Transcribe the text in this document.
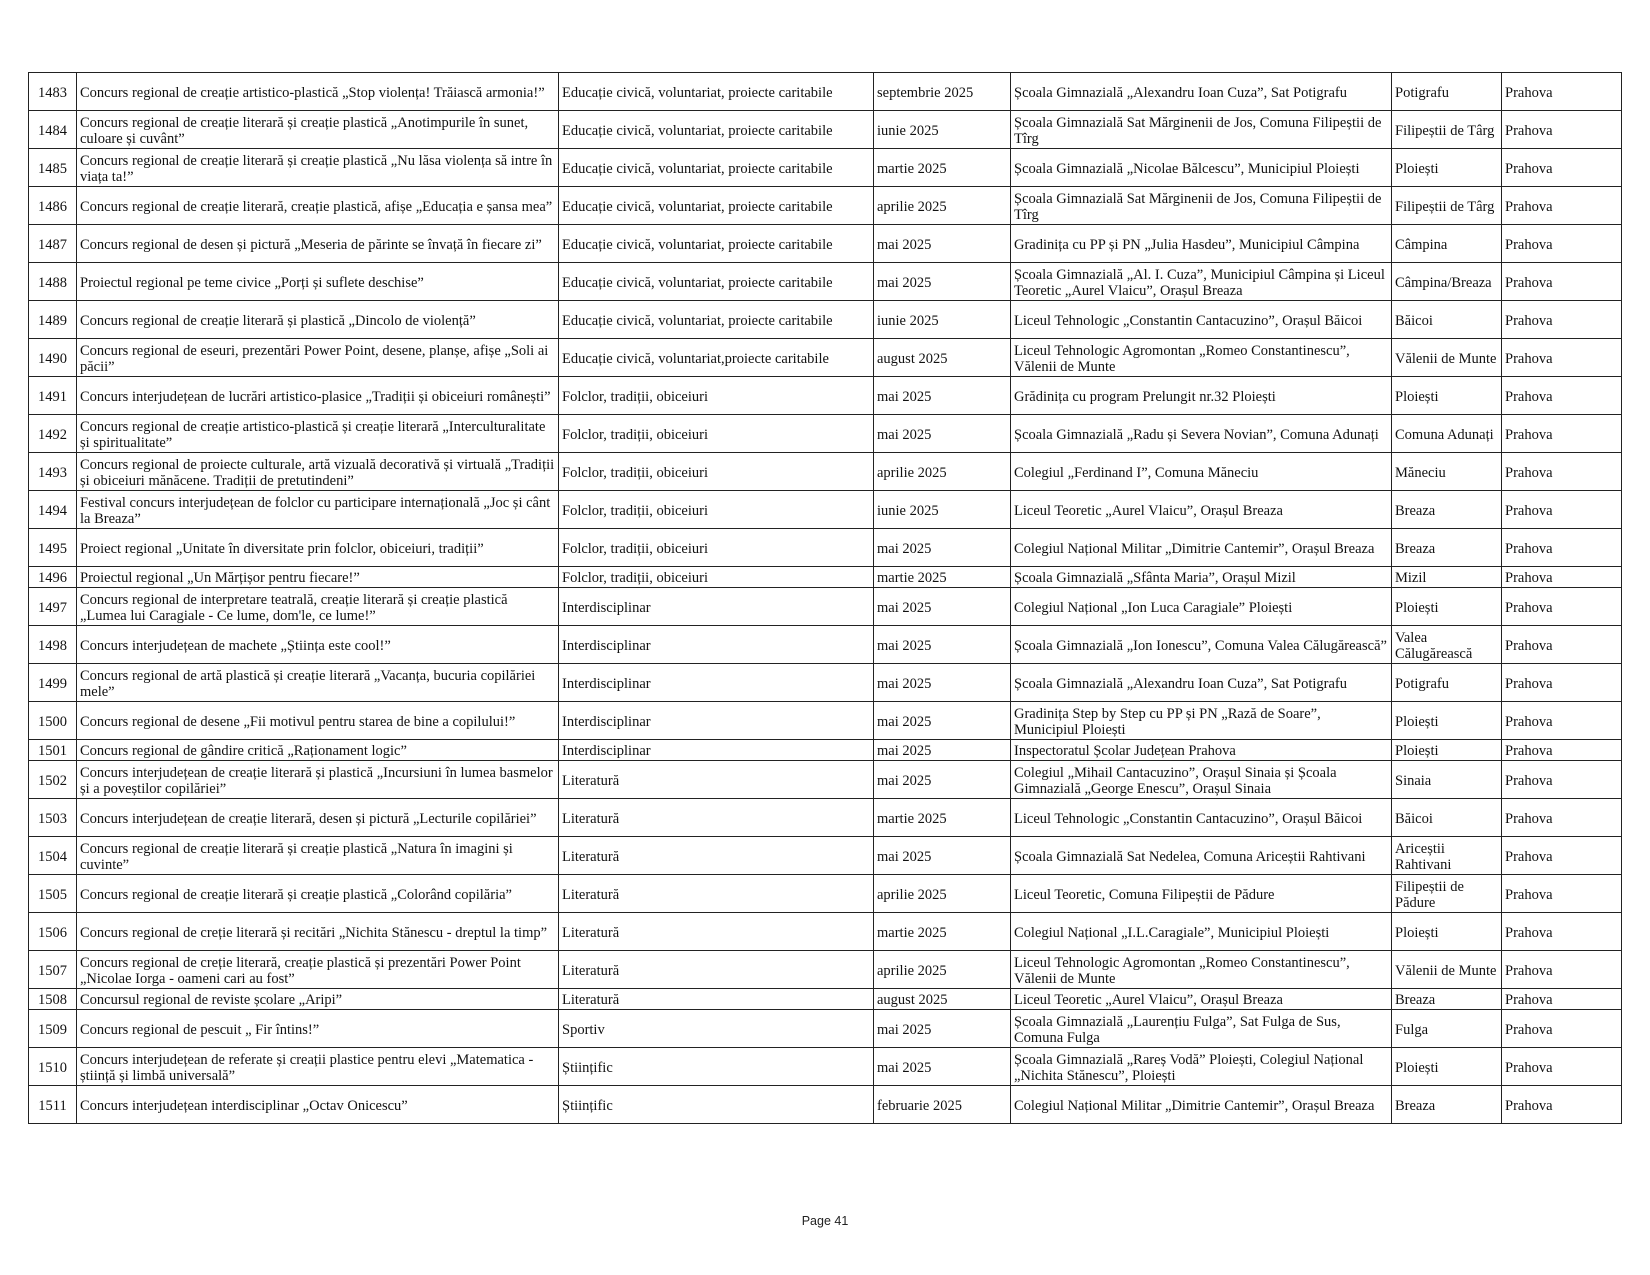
1483	Concurs regional de creație artistico-plastică „Stop violența! Trăiască armonia!”	Educație civică, voluntariat, proiecte caritabile	septembrie 2025	Școala Gimnazială „Alexandru Ioan Cuza”, Sat Potigrafu	Potigrafu	Prahova
1484	Concurs regional de creație literară și creație plastică „Anotimpurile în sunet, culoare și cuvânt”	Educație civică, voluntariat, proiecte caritabile	iunie 2025	Școala Gimnazială Sat Mărginenii de Jos, Comuna Filipeștii de Tîrg	Filipeștii de Târg	Prahova
1485	Concurs regional de creație literară și creație plastică „Nu lăsa violența să intre în viața ta!”	Educație civică, voluntariat, proiecte caritabile	martie 2025	Școala Gimnazială „Nicolae Bălcescu”, Municipiul Ploiești	Ploiești	Prahova
1486	Concurs regional de creație literară, creație plastică, afișe „Educația e șansa mea”	Educație civică, voluntariat, proiecte caritabile	aprilie 2025	Școala Gimnazială Sat Mărginenii de Jos, Comuna Filipeștii de Tîrg	Filipeștii de Târg	Prahova
1487	Concurs regional de desen și pictură „Meseria de părinte se învață în fiecare zi”	Educație civică, voluntariat, proiecte caritabile	mai 2025	Gradinița cu PP și PN „Julia Hasdeu”, Municipiul Câmpina	Câmpina	Prahova
1488	Proiectul regional pe teme civice „Porți și suflete deschise”	Educație civică, voluntariat, proiecte caritabile	mai 2025	Școala Gimnazială „Al. I. Cuza”, Municipiul Câmpina și Liceul Teoretic „Aurel Vlaicu”, Orașul Breaza	Câmpina/Breaza	Prahova
1489	Concurs regional de creație literară și plastică „Dincolo de violență”	Educație civică, voluntariat, proiecte caritabile	iunie 2025	Liceul Tehnologic „Constantin Cantacuzino”, Orașul Băicoi	Băicoi	Prahova
1490	Concurs regional de eseuri, prezentări Power Point, desene, planșe, afișe „Soli ai păcii”	Educație civică, voluntariat,proiecte caritabile	august 2025	Liceul Tehnologic Agromontan „Romeo Constantinescu”, Vălenii de Munte	Vălenii de Munte	Prahova
1491	Concurs interjudețean de lucrări artistico-plasice „Tradiții și obiceiuri românești”	Folclor, tradiții, obiceiuri	mai 2025	Grădinița cu program Prelungit nr.32 Ploiești	Ploiești	Prahova
1492	Concurs regional de creație artistico-plastică și creație literară „Interculturalitate și spiritualitate”	Folclor, tradiții, obiceiuri	mai 2025	Școala Gimnazială „Radu și Severa Novian”, Comuna Adunați	Comuna Adunați	Prahova
1493	Concurs regional de proiecte culturale, artă vizuală decorativă și virtuală „Tradiții și obiceiuri mănăcene. Tradiții de pretutindeni”	Folclor, tradiții, obiceiuri	aprilie 2025	Colegiul „Ferdinand I”, Comuna Măneciu	Măneciu	Prahova
1494	Festival concurs interjudețean de folclor cu participare internațională „Joc și cânt la Breaza”	Folclor, tradiții, obiceiuri	iunie 2025	Liceul Teoretic „Aurel Vlaicu”, Orașul Breaza	Breaza	Prahova
1495	Proiect regional „Unitate în diversitate prin folclor, obiceiuri, tradiții”	Folclor, tradiții, obiceiuri	mai 2025	Colegiul Național Militar „Dimitrie Cantemir”, Orașul Breaza	Breaza	Prahova
1496	Proiectul regional „Un Mărțișor pentru fiecare!”	Folclor, tradiții, obiceiuri	martie 2025	Școala Gimnazială „Sfânta Maria”, Orașul Mizil	Mizil	Prahova
1497	Concurs regional de interpretare teatrală, creație literară și creație plastică „Lumea lui Caragiale - Ce lume, dom'le, ce lume!”	Interdisciplinar	mai 2025	Colegiul Național „Ion Luca Caragiale” Ploiești	Ploiești	Prahova
1498	Concurs interjudețean de machete „Știința este cool!”	Interdisciplinar	mai 2025	Școala Gimnazială „Ion Ionescu”, Comuna Valea Călugărească”	Valea Călugărească	Prahova
1499	Concurs regional de artă plastică și creație literară „Vacanța, bucuria copilăriei mele”	Interdisciplinar	mai 2025	Școala Gimnazială „Alexandru Ioan Cuza”, Sat Potigrafu	Potigrafu	Prahova
1500	Concurs regional de desene „Fii motivul pentru starea de bine a copilului!”	Interdisciplinar	mai 2025	Gradinița Step by Step cu PP și PN „Rază de Soare”, Municipiul Ploiești	Ploiești	Prahova
1501	Concurs regional de gândire critică „Raționament logic”	Interdisciplinar	mai 2025	Inspectoratul Școlar Județean Prahova	Ploiești	Prahova
1502	Concurs interjudețean de creație literară și plastică „Incursiuni în lumea basmelor și a poveștilor copilăriei”	Literatură	mai 2025	Colegiul „Mihail Cantacuzino”, Orașul Sinaia și Școala Gimnazială „George Enescu”, Orașul Sinaia	Sinaia	Prahova
1503	Concurs interjudețean de creație literară, desen și pictură „Lecturile copilăriei”	Literatură	martie 2025	Liceul Tehnologic „Constantin Cantacuzino”, Orașul Băicoi	Băicoi	Prahova
1504	Concurs regional de creație literară și creație plastică „Natura în imagini și cuvinte”	Literatură	mai 2025	Școala Gimnazială Sat Nedelea, Comuna Ariceștii Rahtivani	Ariceștii Rahtivani	Prahova
1505	Concurs regional de creație literară și creație plastică „Colorând copilăria”	Literatură	aprilie 2025	Liceul Teoretic, Comuna Filipeștii de Pădure	Filipeștii de Pădure	Prahova
1506	Concurs regional de creție literară și recitări „Nichita Stănescu - dreptul la timp”	Literatură	martie 2025	Colegiul Național „I.L.Caragiale”, Municipiul Ploiești	Ploiești	Prahova
1507	Concurs regional de creție literară, creație plastică și prezentări Power Point „Nicolae Iorga - oameni cari au fost”	Literatură	aprilie 2025	Liceul Tehnologic Agromontan „Romeo Constantinescu”, Vălenii de Munte	Vălenii de Munte	Prahova
1508	Concursul regional de reviste școlare „Aripi”	Literatură	august 2025	Liceul Teoretic „Aurel Vlaicu”, Orașul Breaza	Breaza	Prahova
1509	Concurs regional de pescuit „ Fir întins!”	Sportiv	mai 2025	Școala Gimnazială „Laurențiu Fulga”, Sat Fulga de Sus, Comuna Fulga	Fulga	Prahova
1510	Concurs interjudețean de referate și creații plastice pentru elevi „Matematica - știință și limbă universală”	Științific	mai 2025	Școala Gimnazială „Rareș Vodă” Ploiești, Colegiul Național „Nichita Stănescu”, Ploiești	Ploiești	Prahova
1511	Concurs interjudețean interdisciplinar „Octav Onicescu”	Științific	februarie 2025	Colegiul Național Militar „Dimitrie Cantemir”, Orașul Breaza	Breaza	Prahova
Page 41
